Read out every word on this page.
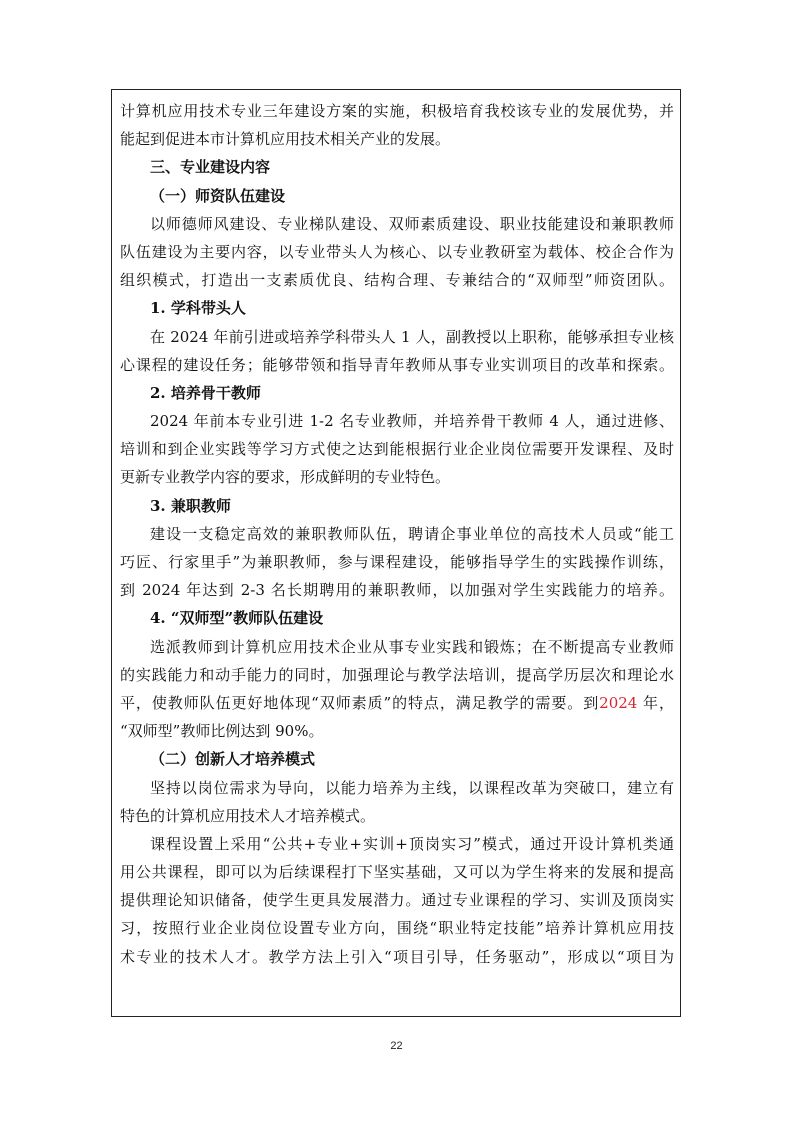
计算机应用技术专业三年建设方案的实施，积极培育我校该专业的发展优势，并
能起到促进本市计算机应用技术相关产业的发展。
三、专业建设内容
（一）师资队伍建设
以师德师风建设、专业梯队建设、双师素质建设、职业技能建设和兼职教师
队伍建设为主要内容，以专业带头人为核心、以专业教研室为载体、校企合作为
组织模式，打造出一支素质优良、结构合理、专兼结合的“双师型”师资团队。
1. 学科带头人
在 2024 年前引进或培养学科带头人 1 人，副教授以上职称，能够承担专业核
心课程的建设任务；能够带领和指导青年教师从事专业实训项目的改革和探索。
2. 培养骨干教师
2024 年前本专业引进 1-2 名专业教师，并培养骨干教师 4 人，通过进修、
培训和到企业实践等学习方式使之达到能根据行业企业岗位需要开发课程、及时
更新专业教学内容的要求，形成鲜明的专业特色。
3. 兼职教师
建设一支稳定高效的兼职教师队伍，聘请企事业单位的高技术人员或“能工
巧匠、行家里手”为兼职教师，参与课程建设，能够指导学生的实践操作训练，
到 2024 年达到 2-3 名长期聘用的兼职教师，以加强对学生实践能力的培养。
4. “双师型”教师队伍建设
选派教师到计算机应用技术企业从事专业实践和锻炼；在不断提高专业教师
的实践能力和动手能力的同时，加强理论与教学法培训，提高学历层次和理论水
平，使教师队伍更好地体现“双师素质”的特点，满足教学的需要。到2024 年，
“双师型”教师比例达到 90%。
（二）创新人才培养模式
坚持以岗位需求为导向，以能力培养为主线，以课程改革为突破口，建立有
特色的计算机应用技术人才培养模式。
课程设置上采用“公共+专业+实训+顶岗实习”模式，通过开设计算机类通
用公共课程，即可以为后续课程打下坚实基础，又可以为学生将来的发展和提高
提供理论知识储备，使学生更具发展潜力。通过专业课程的学习、实训及顶岗实
习，按照行业企业岗位设置专业方向，围绕“职业特定技能”培养计算机应用技
术专业的技术人才。教学方法上引入“项目引导，任务驱动”，形成以“项目为
22
